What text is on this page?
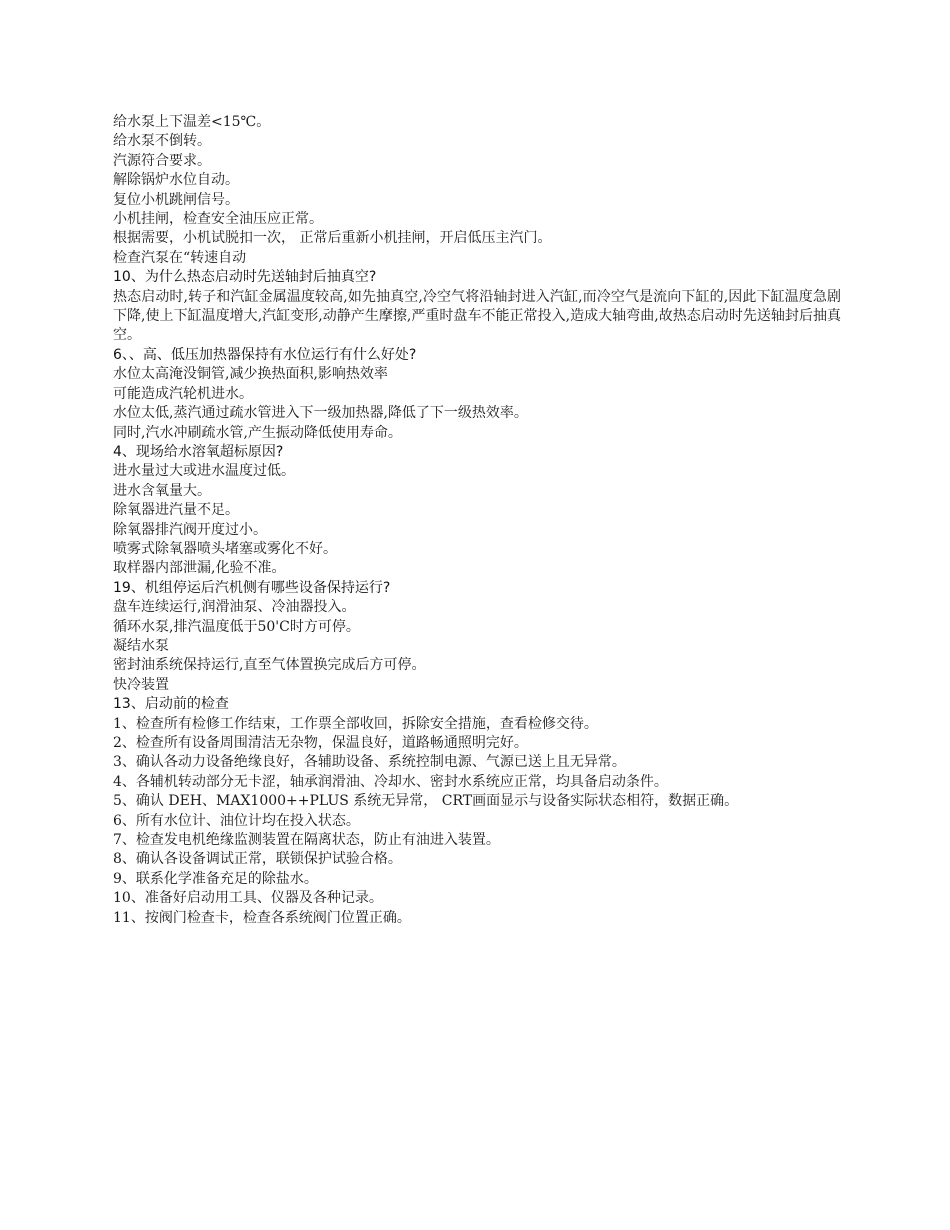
给水泵上下温差<15℃。

给水泵不倒转。

汽源符合要求。

解除锅炉水位自动。

复位小机跳闸信号。

小机挂闸，检查安全油压应正常。

根据需要，小机试脱扣一次， 正常后重新小机挂闸，开启低压主汽门。

检查汽泵在“转速自动

10、为什么热态启动时先送轴封后抽真空?

热态启动时,转子和汽缸金属温度较高,如先抽真空,冷空气将沿轴封进入汽缸,而冷空气是流向下缸的,因此下缸温度急剧下降,使上下缸温度增大,汽缸变形,动静产生摩擦,严重时盘车不能正常投入,造成大轴弯曲,故热态启动时先送轴封后抽真空。

6、、高、低压加热器保持有水位运行有什么好处?

水位太高淹没铜管,减少换热面积,影响热效率

可能造成汽轮机进水。

水位太低,蒸汽通过疏水管进入下一级加热器,降低了下一级热效率。

同时,汽水冲刷疏水管,产生振动降低使用寿命。

4、现场给水溶氧超标原因?

进水量过大或进水温度过低。

进水含氧量大。

除氧器进汽量不足。

除氧器排汽阀开度过小。

喷雾式除氧器喷头堵塞或雾化不好。

取样器内部泄漏,化验不准。

19、机组停运后汽机侧有哪些设备保持运行?

盘车连续运行,润滑油泵、冷油器投入。

循环水泵,排汽温度低于50'C时方可停。

凝结水泵

密封油系统保持运行,直至气体置换完成后方可停。

快冷装置

13、启动前的检查

1、检查所有检修工作结束，工作票全部收回，拆除安全措施，查看检修交待。

2、检查所有设备周围清洁无杂物，保温良好，道路畅通照明完好。

3、确认各动力设备绝缘良好，各辅助设备、系统控制电源、气源已送上且无异常。

4、各辅机转动部分无卡涩，轴承润滑油、冷却水、密封水系统应正常，均具备启动条件。

5、确认 DEH、MAX1000++PLUS 系统无异常， CRT画面显示与设备实际状态相符，数据正确。

6、所有水位计、油位计均在投入状态。

7、检查发电机绝缘监测装置在隔离状态，防止有油进入装置。

8、确认各设备调试正常，联锁保护试验合格。

9、联系化学准备充足的除盐水。

10、准备好启动用工具、仪器及各种记录。

11、按阀门检查卡，检查各系统阀门位置正确。
